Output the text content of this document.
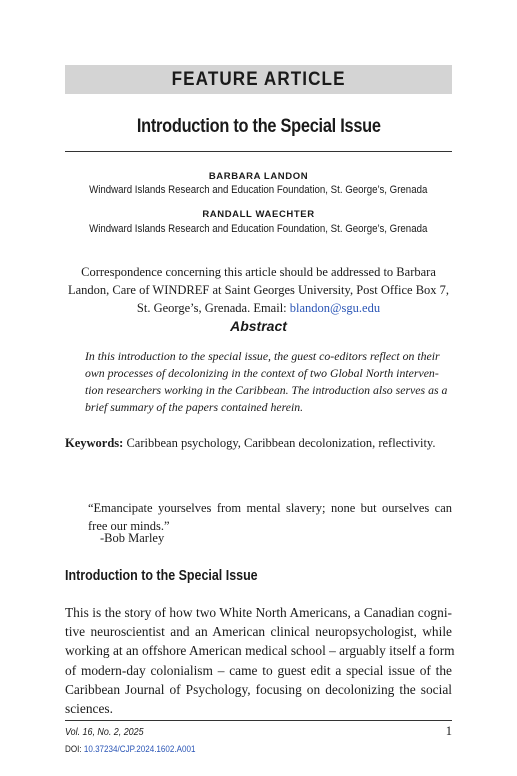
FEATURE ARTICLE
Introduction to the Special Issue
BARBARA LANDON
Windward Islands Research and Education Foundation, St. George’s, Grenada
RANDALL WAECHTER
Windward Islands Research and Education Foundation, St. George’s, Grenada
Correspondence concerning this article should be addressed to Barbara Landon, Care of WINDREF at Saint Georges University, Post Office Box 7, St. George’s, Grenada. Email: blandon@sgu.edu
Abstract
In this introduction to the special issue, the guest co-editors reflect on their
own processes of decolonizing in the context of two Global North interven-
tion researchers working in the Caribbean. The introduction also serves as a
brief summary of the papers contained herein.
Keywords: Caribbean psychology, Caribbean decolonization, reflectivity.
“Emancipate yourselves from mental slavery; none but ourselves can free our minds.”
-Bob Marley
Introduction to the Special Issue
This is the story of how two White North Americans, a Canadian cogni-
tive neuroscientist and an American clinical neuropsychologist, while
working at an offshore American medical school – arguably itself a form
of modern-day colonialism – came to guest edit a special issue of the
Caribbean Journal of Psychology, focusing on decolonizing the social
sciences.
Vol. 16, No. 2, 2025	1
DOI: 10.37234/CJP.2024.1602.A001
